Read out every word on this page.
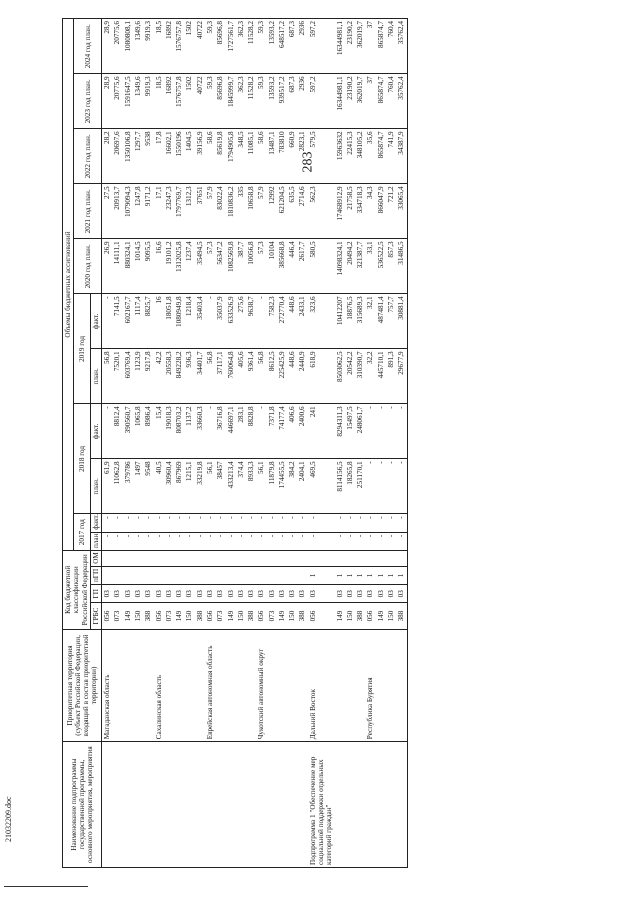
283
21032209.doc	Наименование подпрограммы государственной программы, основного мероприятия, мероприятия	Приоритетная территория (субъект Российской Федерации, входящий в состав приоритетной территории)	Код бюджетной классификации Российской Федерации				Объемы бюджетных ассигнований										
						2017 год		2018 год		2019 год		2020 год план.	2021 год план.	2022 год план.	2023 год план.	2024 год план.
		ГРБС	ГП	пГП	ОМ	план.	факт.	план.	факт.	план.	факт.					
	Магаданская область	056	03			-	-	61,9	-	56,8	-	26,9	27,5	28,2	28,9	28,9
		073	03			-	-	11062,8	8812,4	7520,1	7141,5	14111,1	20913,7	20697,6	20775,6	20775,6
		149	03			-	-	379786	390560,7	603769,4	602167,7	880324,1	1079094,3	1350106,8	1591647,5	1080808,1
		150	03			-	-	1497	1065,8	1123,9	1117,4	1014,5	1247,8	1297,7	1349,6	1349,6
		388	03			-	-	9548	8986,4	9217,8	8825,7	9095,5	9171,2	9538	9919,3	9919,3
	Сахалинская область	056	03			-	-	40,5	15,4	42,2	16	16,6	17,1	17,8	18,5	18,5
		073	03			-	-	30960,4	19018,3	20558,3	18051,8	19101,2	23247,3	16602,1	16892	16892
		149	03			-	-	867969	808703,2	849228,2	1080949,8	1312025,8	1797769,7	1550196	1576757,8	1576757,8
		150	03			-	-	1215,1	1137,2	936,3	1218,4	1237,4	1312,3	1404,5	1502	1502
		388	03			-	-	33219,8	33660,3	34401,7	35403,4	35494,5	37651	39156,9	40722	40722
	Еврейская автономная область	056	03			-	-	56,1	-	56,8	-	57,3	57,9	58,6	59,3	59,3
		073	03			-	-	38457	36716,8	37117,1	35037,9	56347,2	83022,4	85619,8	85696,8	85696,8
		149	03			-	-	433213,4	446697,1	760064,8	633526,9	1082569,8	1810836,2	1794905,8	1845999,7	1727561,7
		150	03			-	-	374,4	283,1	405,6	275,6	387,7	335	348,5	362,3	362,3
		388	03			-	-	8933,3	8828,8	9361,4	9638,7	10056,8	10658,8	11085,1	11528,2	11528,2
	Чукотский автономный округ	056	03			-	-	56,1	-	56,8	-	57,3	57,9	58,6	59,3	59,3
		073	03			-	-	11879,8	7371,8	8612,5	7582,3	10104	12992	13487,1	13593,2	13593,2
		149	03			-	-	174455,5	74177,4	225425,9	272770,4	385668,8	621204,5	783810	939517,2	648517,2
		150	03			-	-	384,2	406,6	448,6	448,6	446,4	635,5	660,9	687,3	687,3
		388	03			-	-	2404,1	2400,6	2440,9	2433,1	2617,7	2714,6	2823,1	2936	2936
Подпрограмма 1 "Обеспечение мер социальной поддержки отдельных категорий граждан"	Дальний Восток	056	03	1		-	-	469,5	241	618,9	323,6	580,5	562,3	579,5	597,2	597,2
		149	03	1		-	-	8114156,5	8294311,3	8503062,5	10412207	14098324,1	17468912,9	15963632	16344981,1	16344981,1
		150	03	1		-	-	18265,8	15497,5	20542,2	18876,5	20494,2	21758,5	22415,3	23190,2	23190,2
		388	03	1		-	-	251170,1	248061,7	310390,7	315689,3	321387,7	334718,3	348105,2	362019,7	362019,7
	Республика Бурятия	056	03	1		-	-	-	-	32,2	32,1	33,1	34,3	35,6	37	37
		149	03	1		-	-	-	-	445710,1	487481,4	536522,5	866047,9	865874,7	865874,7	865874,7
		150	03	1		-	-	-	-	891,3	757,7	857,3	721,2	741,9	760,4	760,4
		388	03	1		-	-	-	-	29677,9	30881,4	31486,5	33065,4	34387,9	35762,4	35762,4
